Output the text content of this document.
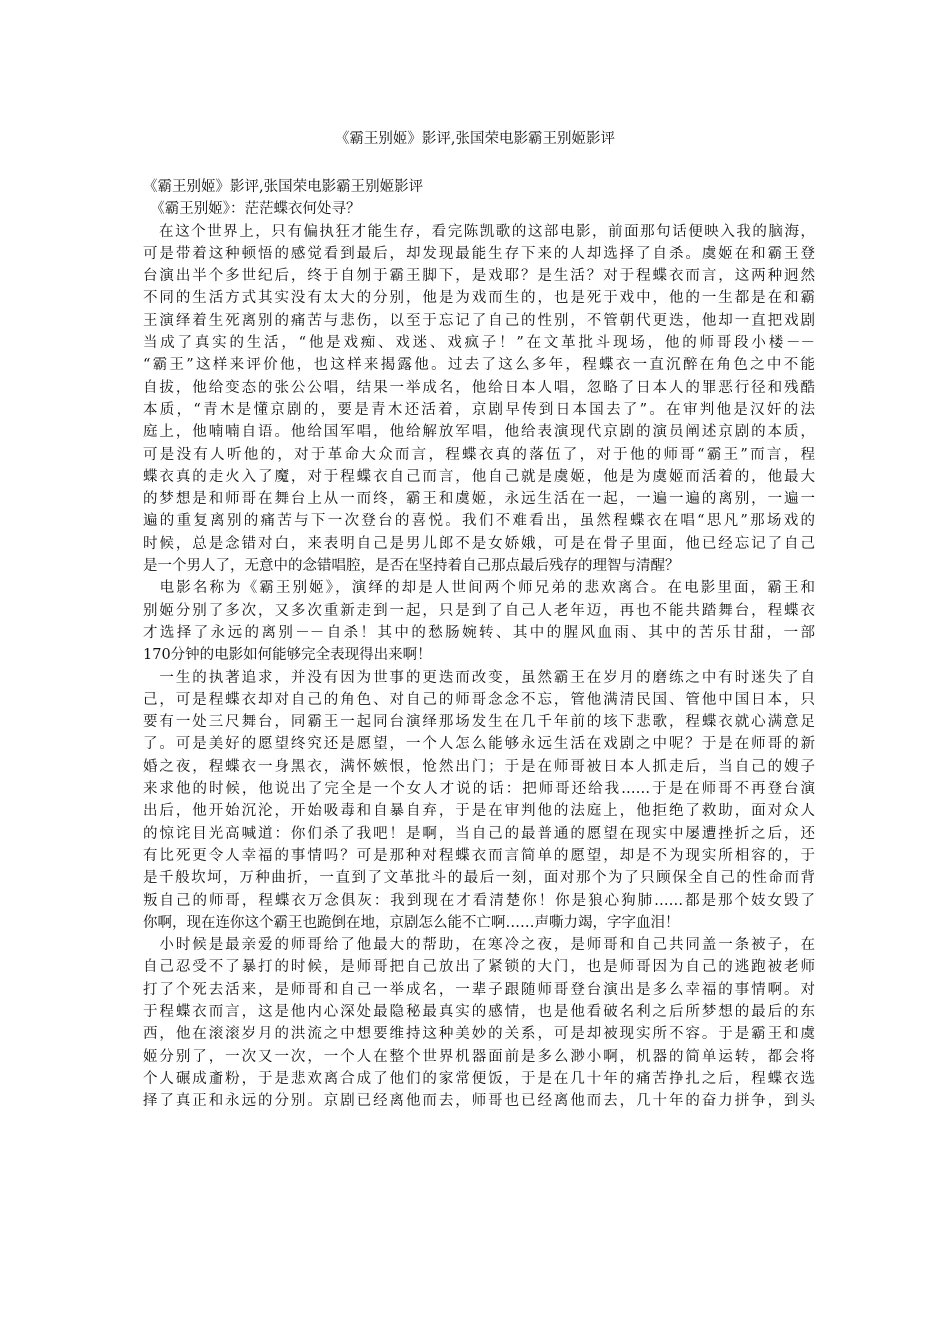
《霸王别姬》影评,张国荣电影霸王别姬影评
《霸王别姬》影评,张国荣电影霸王别姬影评
　《霸王别姬》：茫茫蝶衣何处寻？
　在这个世界上，只有偏执狂才能生存，看完陈凯歌的这部电影，前面那句话便映入我的脑海，
可是带着这种顿悟的感觉看到最后，却发现最能生存下来的人却选择了自杀。虞姬在和霸王登
台演出半个多世纪后，终于自刎于霸王脚下，是戏耶？是生活？对于程蝶衣而言，这两种迥然
不同的生活方式其实没有太大的分别，他是为戏而生的，也是死于戏中，他的一生都是在和霸
王演绎着生死离别的痛苦与悲伤，以至于忘记了自己的性别，不管朝代更迭，他却一直把戏剧
当成了真实的生活，“他是戏痴、戏迷、戏疯子！”在文革批斗现场，他的师哥段小楼－－
“霸王”这样来评价他，也这样来揭露他。过去了这么多年，程蝶衣一直沉醉在角色之中不能
自拔，他给变态的张公公唱，结果一举成名，他给日本人唱，忽略了日本人的罪恶行径和残酷
本质，“青木是懂京剧的，要是青木还活着，京剧早传到日本国去了”。在审判他是汉奸的法
庭上，他喃喃自语。他给国军唱，他给解放军唱，他给表演现代京剧的演员阐述京剧的本质，
可是没有人听他的，对于革命大众而言，程蝶衣真的落伍了，对于他的师哥“霸王”而言，程
蝶衣真的走火入了魔，对于程蝶衣自己而言，他自己就是虞姬，他是为虞姬而活着的，他最大
的梦想是和师哥在舞台上从一而终，霸王和虞姬，永远生活在一起，一遍一遍的离别，一遍一
遍的重复离别的痛苦与下一次登台的喜悦。我们不难看出，虽然程蝶衣在唱“思凡”那场戏的
时候，总是念错对白，来表明自己是男儿郎不是女娇娥，可是在骨子里面，他已经忘记了自己
是一个男人了，无意中的念错唱腔，是否在坚持着自己那点最后残存的理智与清醒？
　电影名称为《霸王别姬》，演绎的却是人世间两个师兄弟的悲欢离合。在电影里面，霸王和
别姬分别了多次，又多次重新走到一起，只是到了自己人老年迈，再也不能共踏舞台，程蝶衣
才选择了永远的离别－－自杀！其中的愁肠婉转、其中的腥风血雨、其中的苦乐甘甜，一部
170分钟的电影如何能够完全表现得出来啊！
　一生的执著追求，并没有因为世事的更迭而改变，虽然霸王在岁月的磨练之中有时迷失了自
己，可是程蝶衣却对自己的角色、对自己的师哥念念不忘，管他满清民国、管他中国日本，只
要有一处三尺舞台，同霸王一起同台演绎那场发生在几千年前的垓下悲歌，程蝶衣就心满意足
了。可是美好的愿望终究还是愿望，一个人怎么能够永远生活在戏剧之中呢？于是在师哥的新
婚之夜，程蝶衣一身黑衣，满怀嫉恨，怆然出门；于是在师哥被日本人抓走后，当自己的嫂子
来求他的时候，他说出了完全是一个女人才说的话：把师哥还给我……于是在师哥不再登台演
出后，他开始沉沦，开始吸毒和自暴自弃，于是在审判他的法庭上，他拒绝了救助，面对众人
的惊诧目光高喊道：你们杀了我吧！是啊，当自己的最普通的愿望在现实中屡遭挫折之后，还
有比死更令人幸福的事情吗？可是那种对程蝶衣而言简单的愿望，却是不为现实所相容的，于
是千般坎坷，万种曲折，一直到了文革批斗的最后一刻，面对那个为了只顾保全自己的性命而背
叛自己的师哥，程蝶衣万念俱灰：我到现在才看清楚你！你是狼心狗肺……都是那个妓女毁了
你啊，现在连你这个霸王也跪倒在地，京剧怎么能不亡啊……声嘶力竭，字字血泪！
　小时候是最亲爱的师哥给了他最大的帮助，在寒冷之夜，是师哥和自己共同盖一条被子，在
自己忍受不了暴打的时候，是师哥把自己放出了紧锁的大门，也是师哥因为自己的逃跑被老师
打了个死去活来，是师哥和自己一举成名，一辈子跟随师哥登台演出是多么幸福的事情啊。对
于程蝶衣而言，这是他内心深处最隐秘最真实的感情，也是他看破名利之后所梦想的最后的东
西，他在滚滚岁月的洪流之中想要维持这种美妙的关系，可是却被现实所不容。于是霸王和虞
姬分别了，一次又一次，一个人在整个世界机器面前是多么渺小啊，机器的简单运转，都会将
个人碾成齑粉，于是悲欢离合成了他们的家常便饭，于是在几十年的痛苦挣扎之后，程蝶衣选
择了真正和永远的分别。京剧已经离他而去，师哥也已经离他而去，几十年的奋力拼争，到头
